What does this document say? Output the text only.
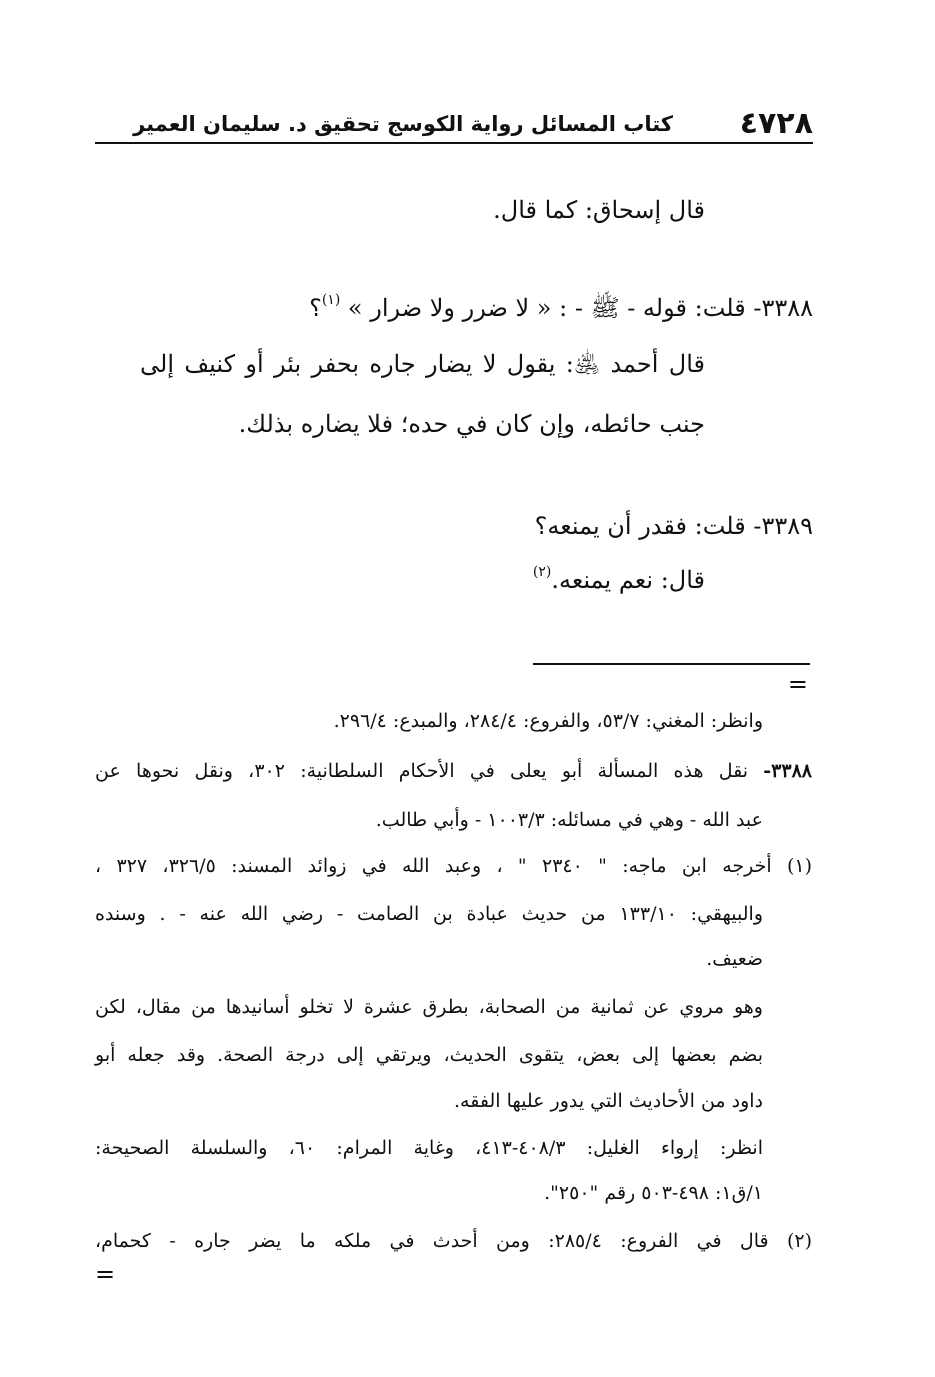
٤٧٢٨
كتاب المسائل رواية الكوسج تحقيق د. سليمان العمير
قال إسحاق: كما قال.
٣٣٨٨- قلت: قوله - ﷺ - : « لا ضرر ولا ضرار » $^{(١)}$؟
قال أحمد ﵁: يقول لا يضار جاره بحفر بئر أو كنيف إلى
جنب حائطه، وإن كان في حده؛ فلا يضاره بذلك.
٣٣٨٩- قلت: فقدر أن يمنعه؟
قال: نعم يمنعه.$^{(٢)}$
=
وانظر: المغني: ٥٣/٧، والفروع: ٢٨٤/٤، والمبدع: ٢٩٦/٤.
٣٣٨٨- نقل هذه المسألة أبو يعلى في الأحكام السلطانية: ٣٠٢، ونقل نحوها عن
عبد الله - وهي في مسائله: ١٠٠٣/٣ - وأبي طالب.
(١) أخرجه ابن ماجه: " ٢٣٤٠ " ، وعبد الله في زوائد المسند: ٣٢٦/٥، ٣٢٧ ،
والبيهقي: ١٣٣/١٠ من حديث عبادة بن الصامت - رضي الله عنه - . وسنده
ضعيف.
وهو مروي عن ثمانية من الصحابة، بطرق عشرة لا تخلو أسانيدها من مقال، لكن
بضم بعضها إلى بعض، يتقوى الحديث، ويرتقي إلى درجة الصحة. وقد جعله أبو
داود من الأحاديث التي يدور عليها الفقه.
انظر: إرواء الغليل: ٤٠٨/٣-٤١٣، وغاية المرام: ٦٠، والسلسلة الصحيحة:
١/ق١: ٤٩٨-٥٠٣ رقم "٢٥٠".
(٢) قال في الفروع: ٢٨٥/٤: ومن أحدث في ملكه ما يضر جاره - كحمام،
=
